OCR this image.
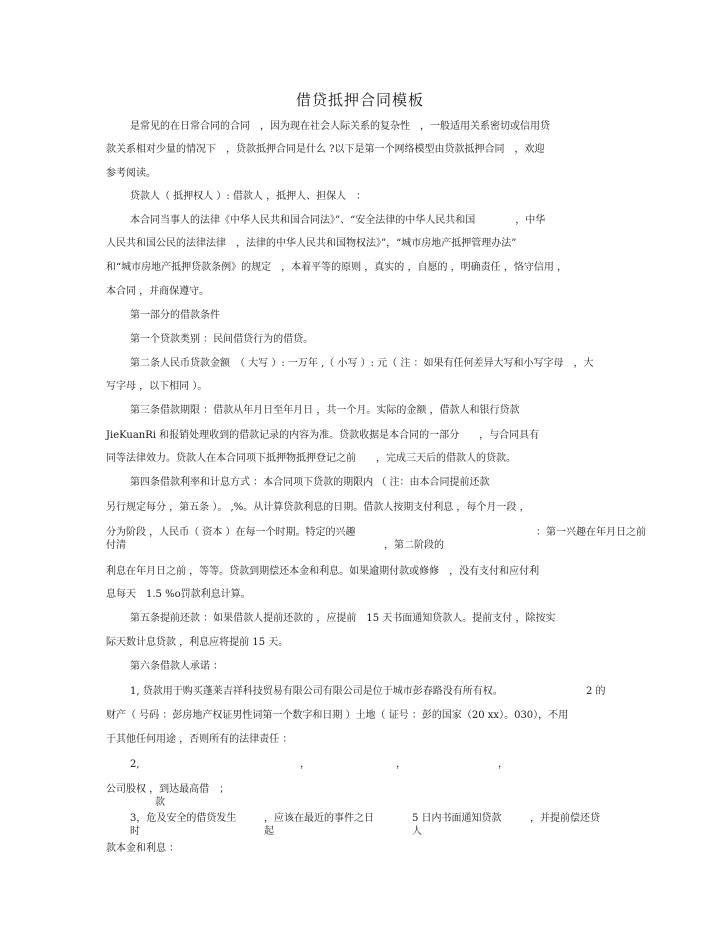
借贷抵押合同模板
是常见的在日常合同的合同　，因为现在社会人际关系的复杂性　，一般适用关系密切或信用贷
款关系相对少量的情况下　，贷款抵押合同是什么 ?以下是第一个网络模型由贷款抵押合同　，欢迎
参考阅读。
贷款人（ 抵押权人 ）: 借款人 ，抵押人、担保人　：
本合同当事人的法律《中华人民共和国合同法》”、“安全法律的中华人民共和国　　　　，中华
人民共和国公民的法律法律　，法律的中华人民共和国物权法》”，“城市房地产抵押管理办法”
和“城市房地产抵押贷款条例》的规定　，本着平等的原则 ，真实的 ，自愿的 ，明确责任 ，恪守信用 ，
本合同 ，并商保遵守。
第一部分的借款条件
第一个贷款类别 ：民间借贷行为的借贷。
第二条人民币贷款金额　（ 大写 ）: 一万年 ,（ 小写 ）: 元（ 注 ：如果有任何差异大写和小写字母　，大
写字母 ，以下相同 ）。
第三条借款期限 ：借款从年月日至年月日 ，共一个月。实际的金额 ，借款人和银行贷款
JieKuanRi 和报销处理收到的借款记录的内容为准。贷款收据是本合同的一部分　　，与合同具有
同等法律效力。贷款人在本合同项下抵押物抵押登记之前　　，完成三天后的借款人的贷款。
第四条借款利率和计息方式 ：本合同项下贷款的期限内 （ 注：由本合同提前还款
另行规定每分 ，第五条 ）。 ,%。从计算贷款利息的日期。借款人按期支付利息 ，每个月一段 ，
分为阶段 ，人民币（ 资本 ）在每一个时期。特定的兴趣	：第一兴趣在年月日之前
付清	，第二阶段的
利息在年月日之前 ，等等。贷款到期偿还本金和利息。如果逾期付款或修修　，没有支付和应付利
息每天　1.5 %o罚款利息计算。
第五条提前还款 ：如果借款人提前还款的 ，应提前　15 天书面通知贷款人。提前支付 ，除按实
际天数计息贷款 ，利息应将提前 15 天。
第六条借款人承诺 ：
1, 贷款用于购买蓬莱吉祥科技贸易有限公司有限公司是位于城市彭春路没有所有权。	2 的
财产（ 号码 ：彭房地产权证男性词第一个数字和日期 ）土地（ 证号 ：彭的国家（20 xx）。030），不用
于其他任何用途 ，否则所有的法律责任 ：
2,	，	，	，
公司股权 ，到达最高借　；
款
3，危及安全的借贷发生	，应该在最近的事件之日	5 日内书面通知贷款	，并提前偿还贷
时	起	人
款本金和利息 ：
